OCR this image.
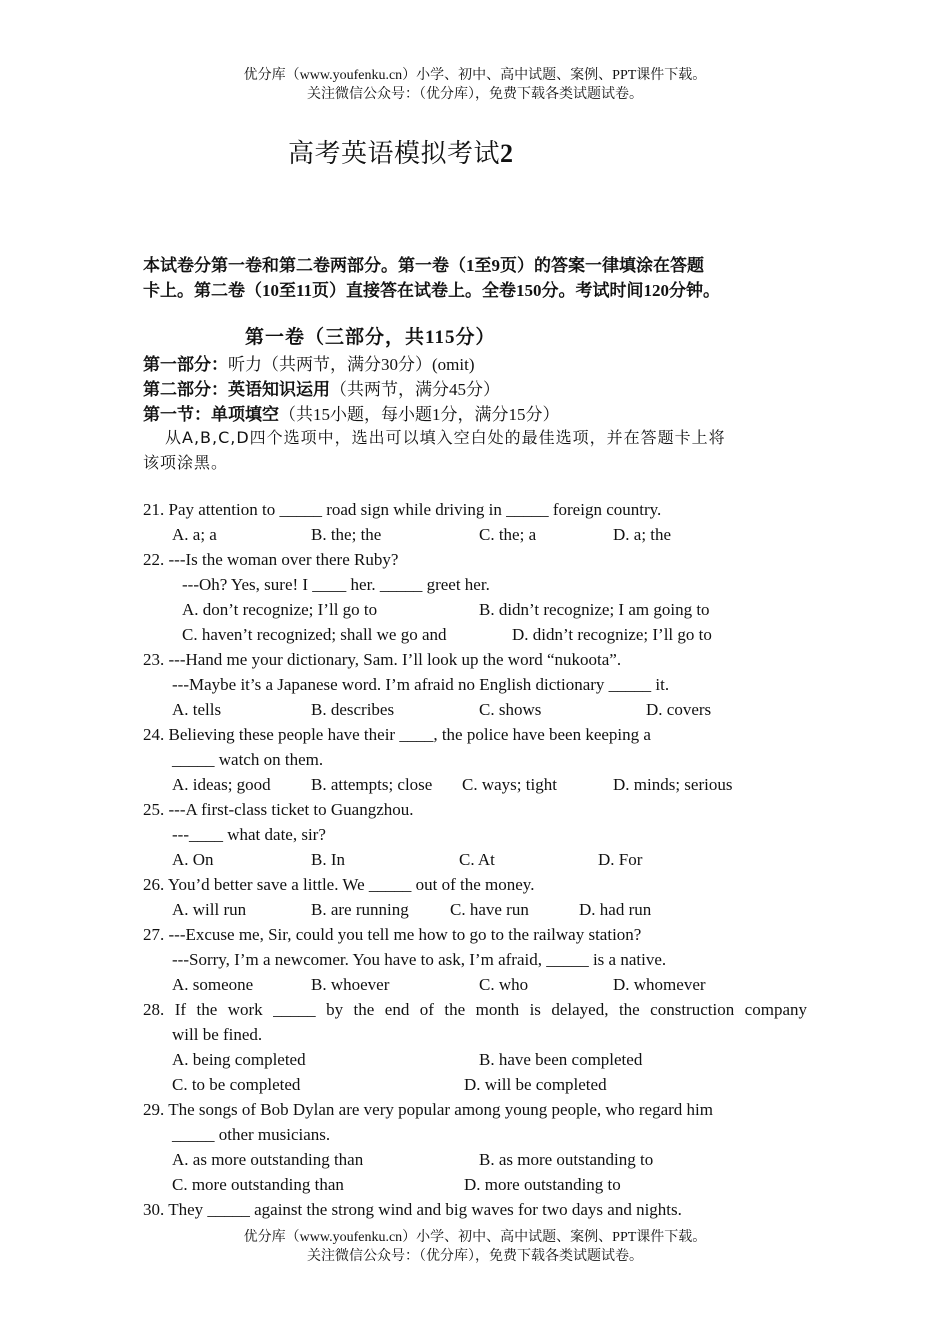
优分库（www.youfenku.cn）小学、初中、高中试题、案例、PPT课件下载。
关注微信公众号：（优分库），免费下载各类试题试卷。
高考英语模拟考试2
本试卷分第一卷和第二卷两部分。第一卷（1至9页）的答案一律填涂在答题
卡上。第二卷（10至11页）直接答在试卷上。全卷150分。考试时间120分钟。
第一卷（三部分，共115分）
第一部分：听力（共两节，满分30分）(omit)
第二部分：英语知识运用（共两节，满分45分）
第一节：单项填空（共15小题，每小题1分，满分15分）
从A,B,C,D四个选项中，选出可以填入空白处的最佳选项，并在答题卡上将
该项涂黑。
21. Pay attention to _____ road sign while driving in _____ foreign country.
A. a; a	B. the; the	C. the; a	D. a; the
22. ---Is the woman over there Ruby?
---Oh? Yes, sure! I ____ her. _____ greet her.
A. don’t recognize; I’ll go to	B. didn’t recognize; I am going to
C. haven’t recognized; shall we go and	D. didn’t recognize; I’ll go to
23. ---Hand me your dictionary, Sam. I’ll look up the word “nukoota”.
---Maybe it’s a Japanese word. I’m afraid no English dictionary _____ it.
A. tells	B. describes	C. shows	D. covers
24. Believing these people have their ____, the police have been keeping a
_____ watch on them.
A. ideas; good B. attempts; close C. ways; tight	D. minds; serious
25. ---A first-class ticket to Guangzhou.
---____ what date, sir?
A. On	B. In	C. At	D. For
26. You’d better save a little. We _____ out of the money.
A. will run	B. are running C. have run	D. had run
27. ---Excuse me, Sir, could you tell me how to go to the railway station?
---Sorry, I’m a newcomer. You have to ask, I’m afraid, _____ is a native.
A. someone	B. whoever	C. who	D. whomever
28. If the work _____ by the end of the month is delayed, the construction company
will be fined.
A. being completed	B. have been completed
C. to be completed	D. will be completed
29. The songs of Bob Dylan are very popular among young people, who regard him
_____ other musicians.
A. as more outstanding than	B. as more outstanding to
C. more outstanding than	D. more outstanding to
30. They _____ against the strong wind and big waves for two days and nights.
优分库（www.youfenku.cn）小学、初中、高中试题、案例、PPT课件下载。
关注微信公众号：（优分库），免费下载各类试题试卷。
